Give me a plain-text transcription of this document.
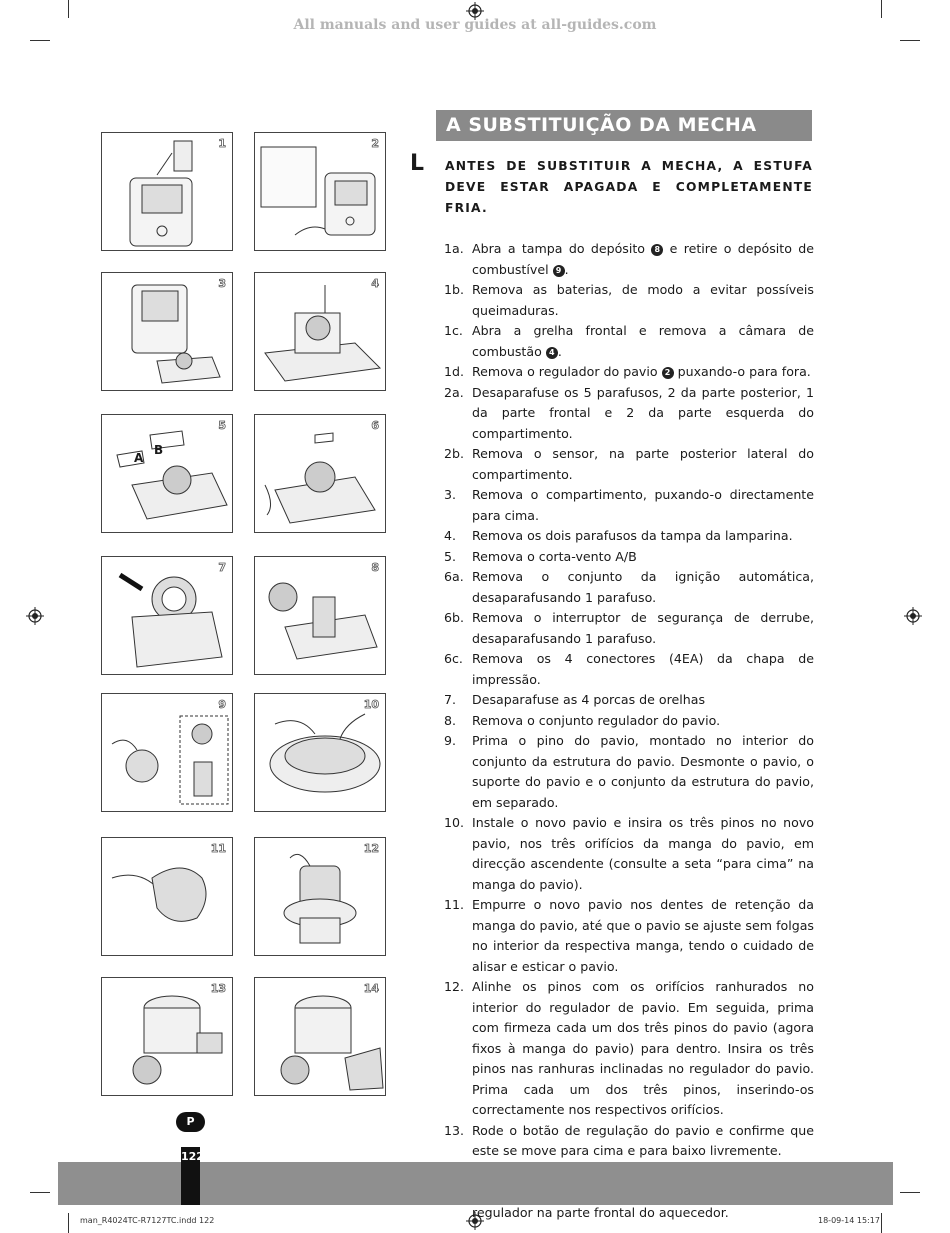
All manuals and user guides at all-guides.com
A SUBSTITUIÇÃO DA MECHA
L ANTES DE SUBSTITUIR A MECHA, A ESTUFA DEVE ESTAR APAGADA E COMPLETAMENTE FRIA.
1a. Abra a tampa do depósito 8 e retire o depósito de combustível 9 .
1b. Remova as baterias, de modo a evitar possíveis queimaduras.
1c. Abra a grelha frontal e remova a câmara de combustão 4 .
1d. Remova o regulador do pavio 2 puxando-o para fora.
2a. Desaparafuse os 5 parafusos, 2 da parte posterior, 1 da parte frontal e 2 da parte esquerda do compartimento.
2b. Remova o sensor, na parte posterior lateral do compartimento.
3.	Remova o compartimento, puxando-o directamente para cima.
4.	Remova os dois parafusos da tampa da lamparina.
5.	Remova o corta-vento A/B
6a. Remova o conjunto da ignição automática, desaparafusando 1 parafuso.
6b. Remova o interruptor de segurança de derrube, desaparafusando 1 parafuso.
6c. Remova os 4 conectores (4EA) da chapa de impressão.
7.	Desaparafuse as 4 porcas de orelhas
8.	Remova o conjunto regulador do pavio.
9.	Prima o pino do pavio, montado no interior do conjunto da estrutura do pavio. Desmonte o pavio, o suporte do pavio e o conjunto da estrutura do pavio, em separado.
10. Instale o novo pavio e insira os três pinos no novo pavio, nos três orifícios da manga do pavio, em direcção ascendente (consulte a seta “para cima” na manga do pavio).
11. Empurre o novo pavio nos dentes de retenção da manga do pavio, até que o pavio se ajuste sem folgas no interior da respectiva manga, tendo o cuidado de alisar e esticar o pavio.
12. Alinhe os pinos com os orifícios ranhurados no interior do regulador de pavio. Em seguida, prima com firmeza cada um dos três pinos do pavio (agora fixos à manga do pavio) para dentro. Insira os três pinos nas ranhuras inclinadas no regulador do pavio. Prima cada um dos três pinos, inserindo-os correctamente nos respectivos orifícios.
13. Rode o botão de regulação do pavio e confirme que este se move para cima e para baixo livremente.
regulador na parte frontal do aquecedor.
1	2
3	4
5
A
B
6
7	8
9	10
11	12
13	14
P
122
man_R4024TC-R7127TC.indd 122	18-09-14 15:17
